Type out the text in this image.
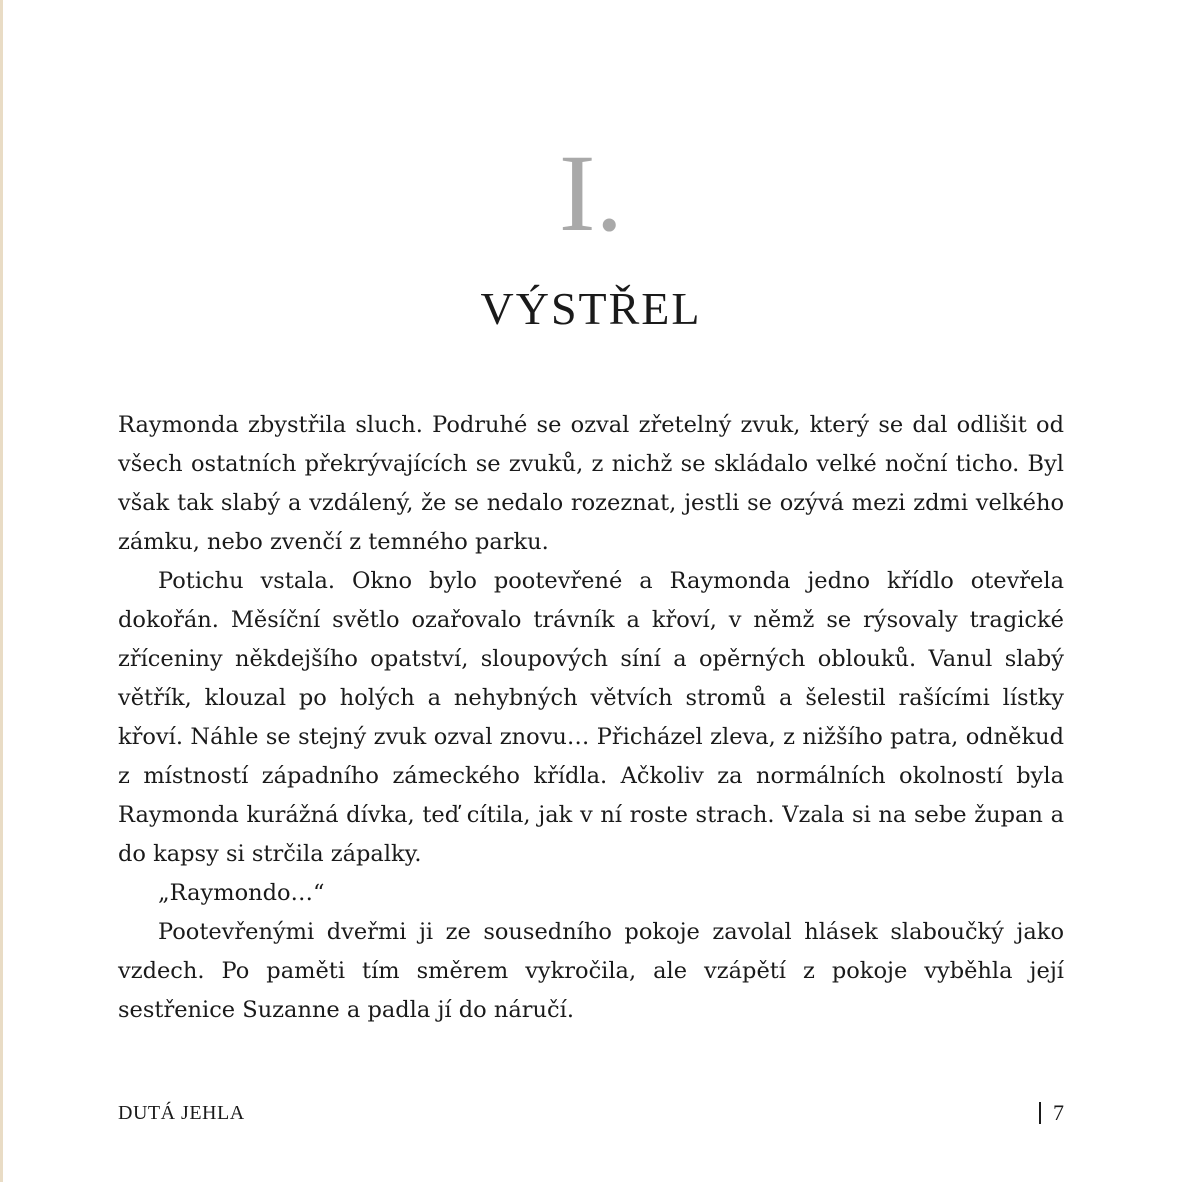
I.
VÝSTŘEL

Raymonda zbystřila sluch. Podruhé se ozval zřetelný zvuk, který se dal odlišit od všech ostatních překrývajících se zvuků, z nichž se skládalo velké noční ticho. Byl však tak slabý a vzdálený, že se nedalo rozeznat, jestli se ozývá mezi zdmi velkého zámku, nebo zvenčí z temného parku.

Potichu vstala. Okno bylo pootevřené a Raymonda jedno křídlo otevřela dokořán. Měsíční světlo ozařovalo trávník a křoví, v němž se rýsovaly tragické zříceniny někdejšího opatství, sloupových síní a opěrných oblouků. Vanul slabý větřík, klouzal po holých a nehybných větvích stromů a šelestil rašícími lístky křoví. Náhle se stejný zvuk ozval znovu… Přicházel zleva, z nižšího patra, odněkud z místností západního zámeckého křídla. Ačkoliv za normálních okolností byla Raymonda kurážná dívka, teď cítila, jak v ní roste strach. Vzala si na sebe župan a do kapsy si strčila zápalky.

„Raymondo…“

Pootevřenými dveřmi ji ze sousedního pokoje zavolal hlásek slaboučký jako vzdech. Po paměti tím směrem vykročila, ale vzápětí z pokoje vyběhla její sestřenice Suzanne a padla jí do náručí.

DUTÁ JEHLA	7
